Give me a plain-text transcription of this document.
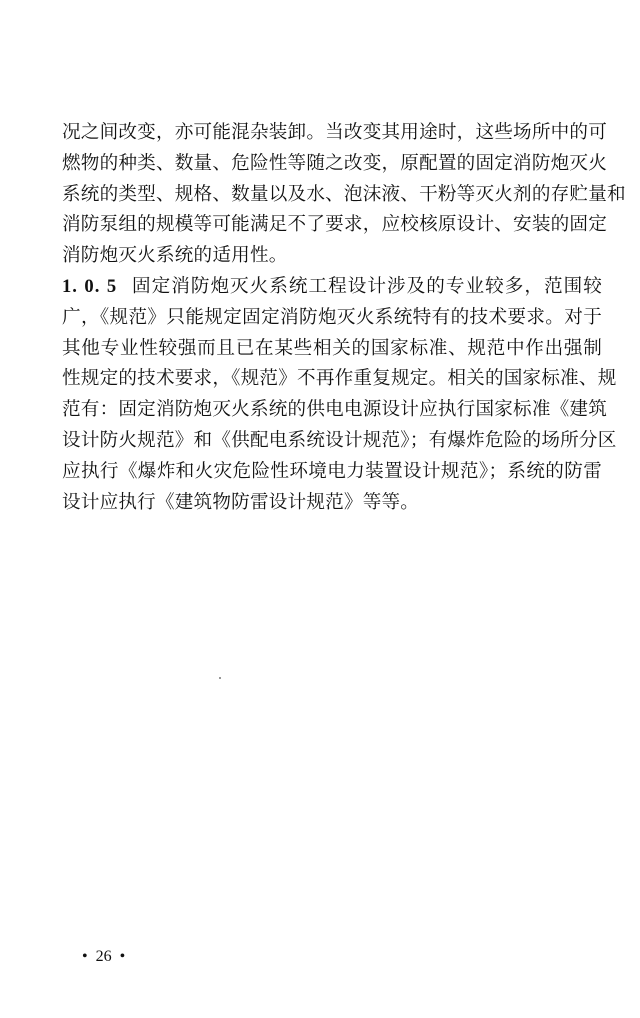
况之间改变，亦可能混杂装卸。当改变其用途时，这些场所中的可
燃物的种类、数量、危险性等随之改变，原配置的固定消防炮灭火
系统的类型、规格、数量以及水、泡沫液、干粉等灭火剂的存贮量和
消防泵组的规模等可能满足不了要求，应校核原设计、安装的固定
消防炮灭火系统的适用性。
1. 0. 5 固定消防炮灭火系统工程设计涉及的专业较多，范围较
广，《规范》只能规定固定消防炮灭火系统特有的技术要求。对于
其他专业性较强而且已在某些相关的国家标准、规范中作出强制
性规定的技术要求，《规范》不再作重复规定。相关的国家标准、规
范有：固定消防炮灭火系统的供电电源设计应执行国家标准《建筑
设计防火规范》和《供配电系统设计规范》；有爆炸危险的场所分区
应执行《爆炸和火灾危险性环境电力装置设计规范》；系统的防雷
设计应执行《建筑物防雷设计规范》等等。
• 26 •
